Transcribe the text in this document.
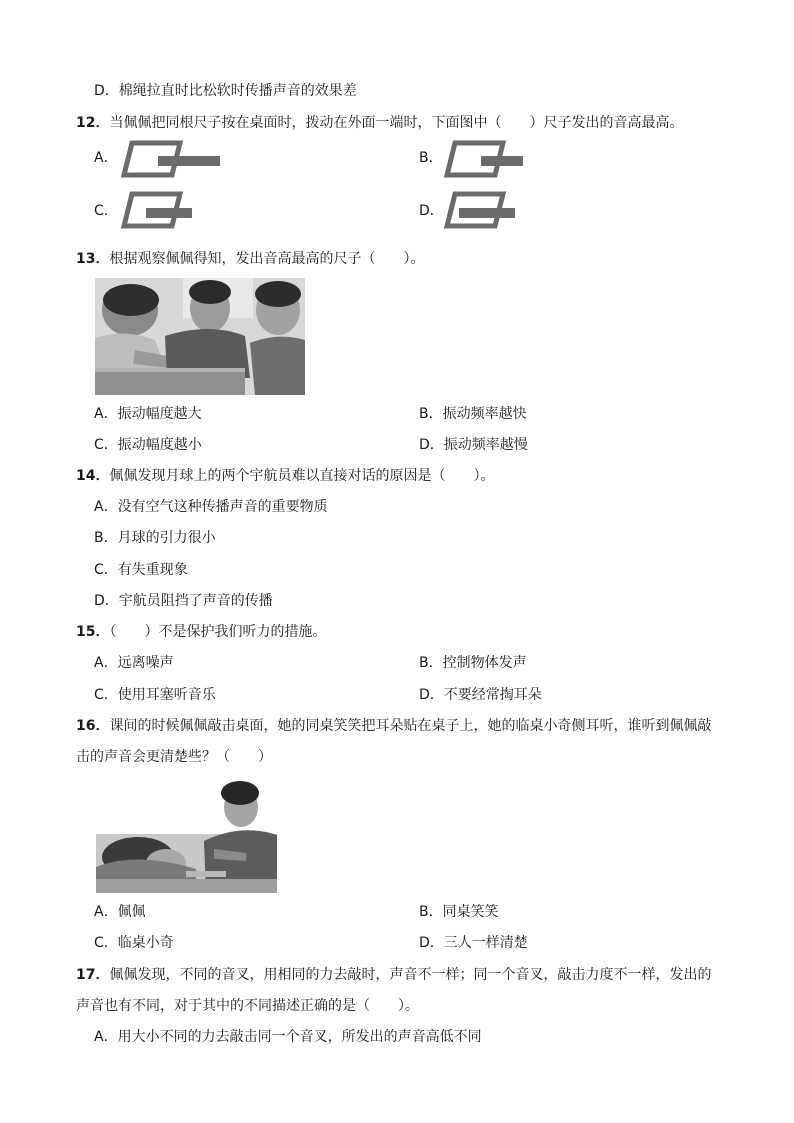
D．棉绳拉直时比松软时传播声音的效果差
12．当佩佩把同根尺子按在桌面时，拨动在外面一端时，下面图中（　　）尺子发出的音高最高。
A．	B．
C．	D．
13．根据观察佩佩得知，发出音高最高的尺子（　　）。
A．振动幅度越大	B．振动频率越快
C．振动幅度越小	D．振动频率越慢
14．佩佩发现月球上的两个宇航员难以直接对话的原因是（　　）。
A．没有空气这种传播声音的重要物质
B．月球的引力很小
C．有失重现象
D．宇航员阻挡了声音的传播
15．（　　）不是保护我们听力的措施。
A．远离噪声	B．控制物体发声
C．使用耳塞听音乐	D．不要经常掏耳朵
16．课间的时候佩佩敲击桌面，她的同桌笑笑把耳朵贴在桌子上，她的临桌小奇侧耳听，谁听到佩佩敲
击的声音会更清楚些？（　　）
A．佩佩	B．同桌笑笑
C．临桌小奇	D．三人一样清楚
17．佩佩发现，不同的音叉，用相同的力去敲时，声音不一样；同一个音叉，敲击力度不一样，发出的
声音也有不同，对于其中的不同描述正确的是（　　）。
A．用大小不同的力去敲击同一个音叉，所发出的声音高低不同
